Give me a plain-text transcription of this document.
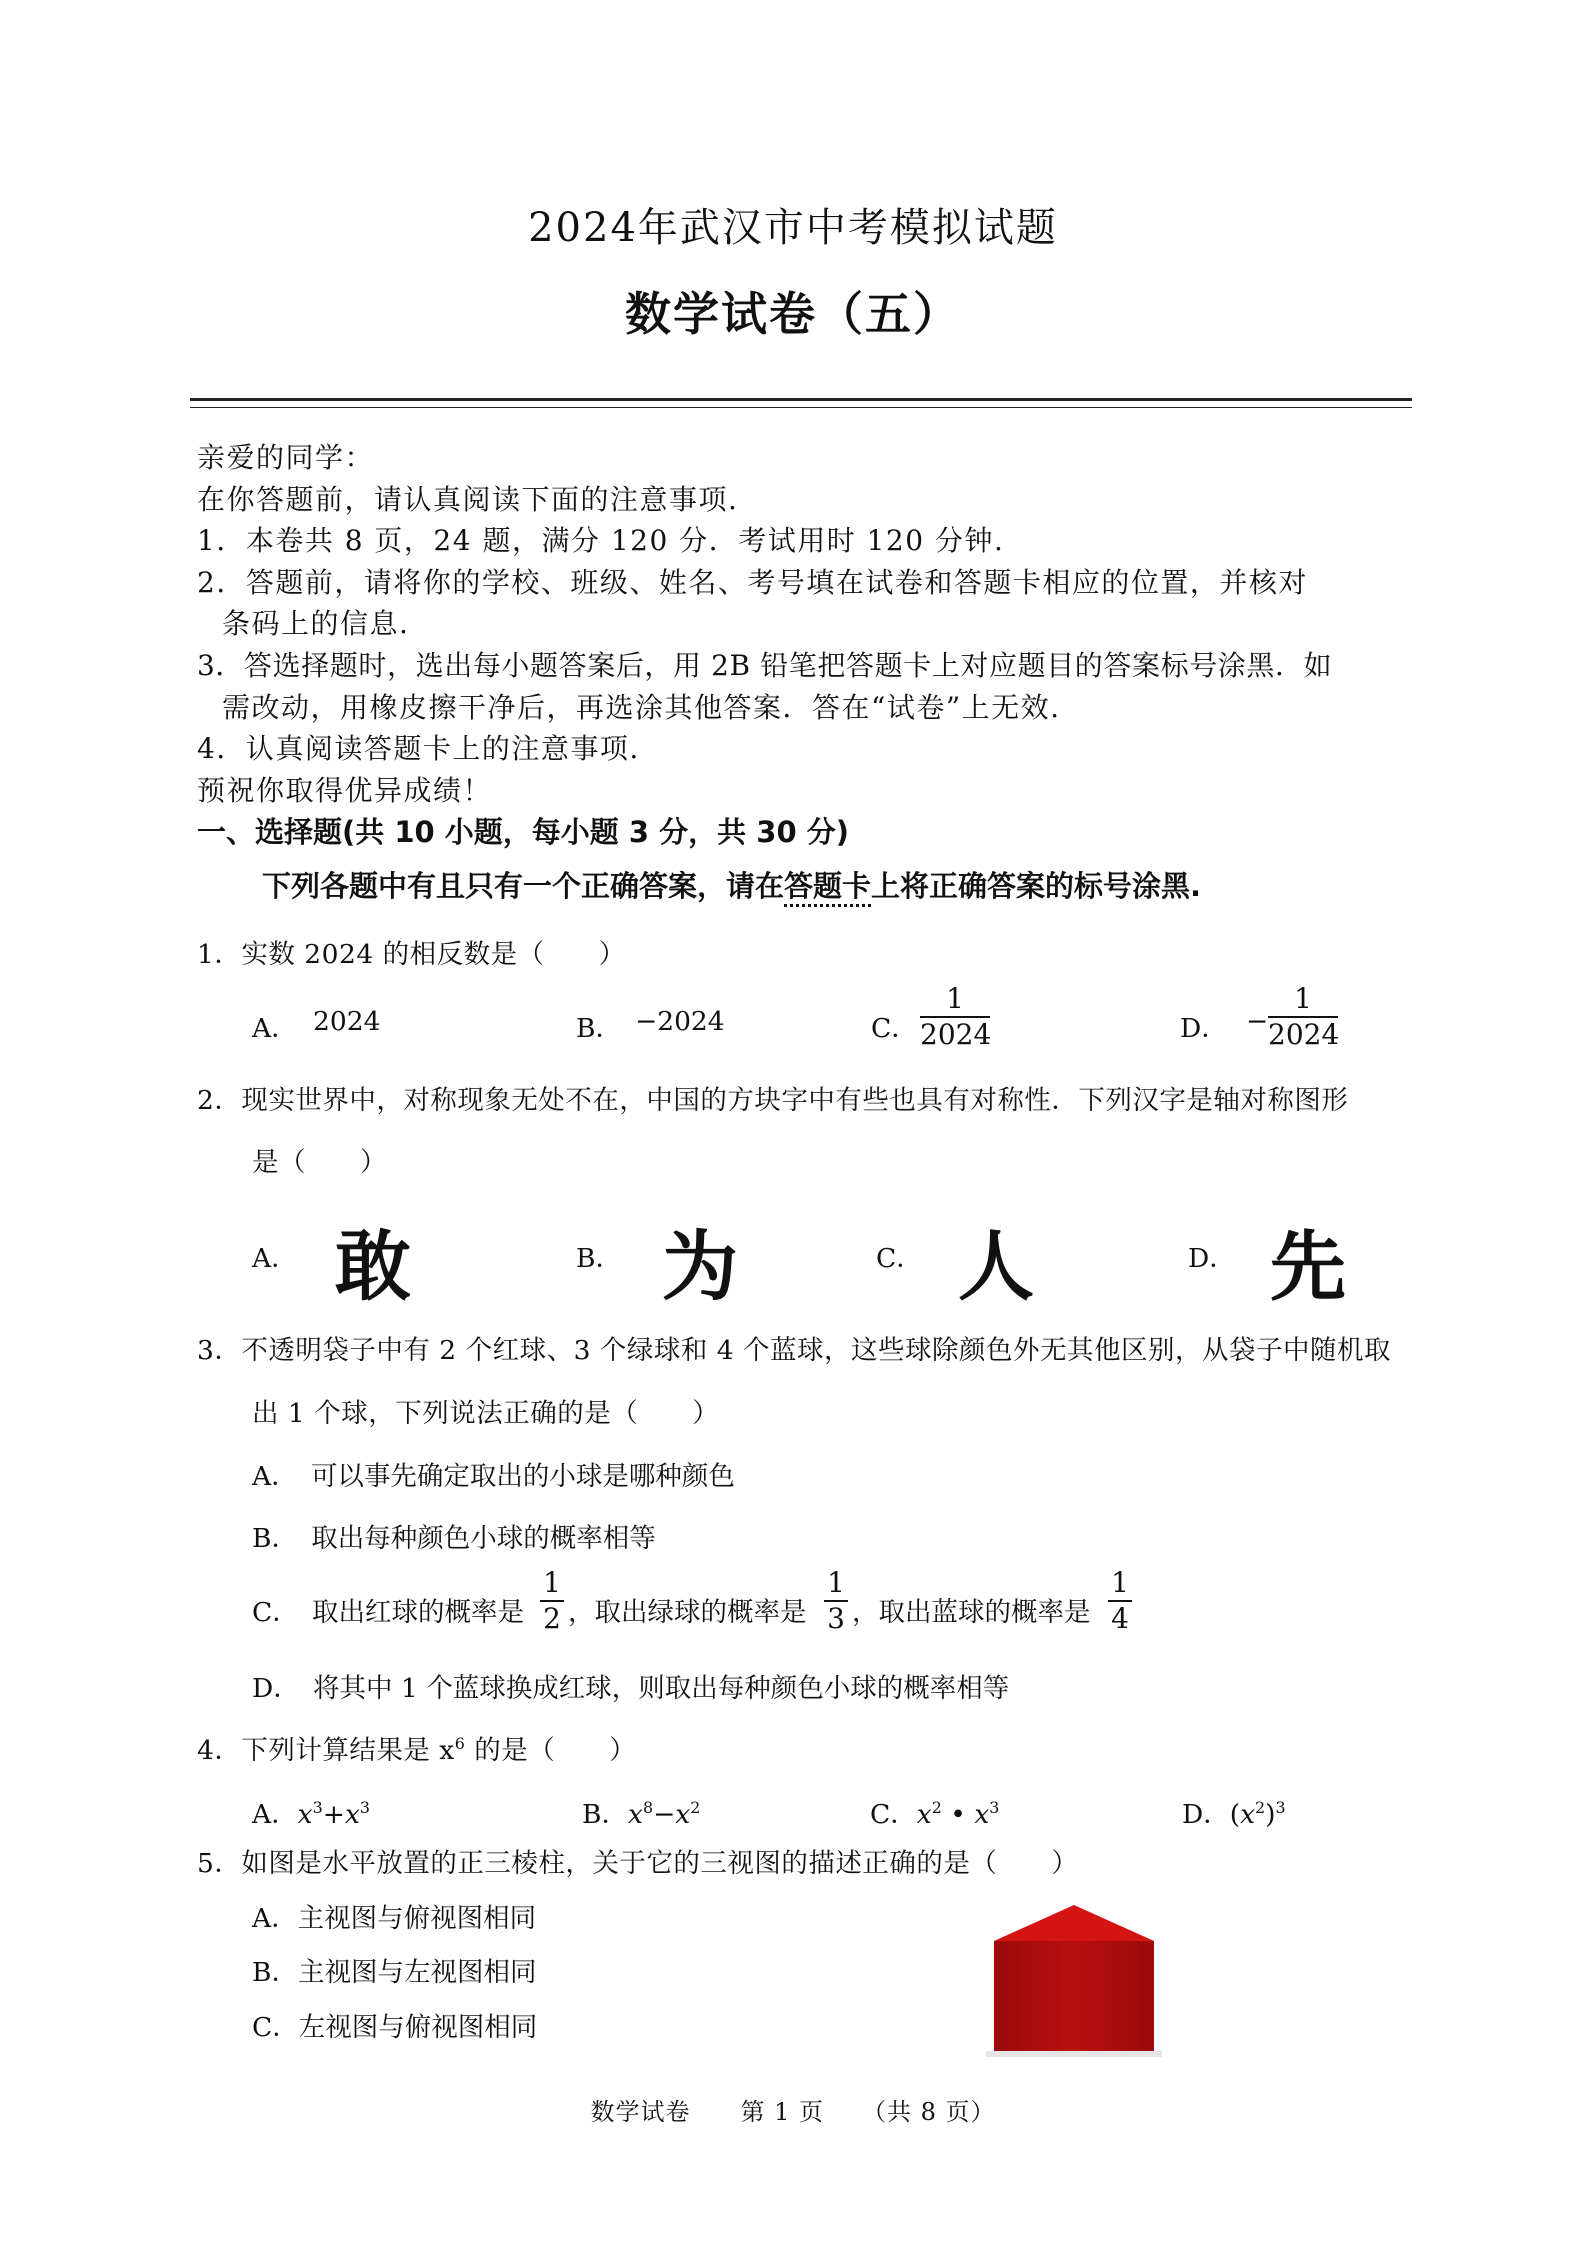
2024年武汉市中考模拟试题
数学试卷（五）
亲爱的同学：
在你答题前，请认真阅读下面的注意事项.
1．本卷共 8 页，24 题，满分 120 分．考试用时 120 分钟.
2．答题前，请将你的学校、班级、姓名、考号填在试卷和答题卡相应的位置，并核对
条码上的信息.
3．答选择题时，选出每小题答案后，用 2B 铅笔把答题卡上对应题目的答案标号涂黑．如
需改动，用橡皮擦干净后，再选涂其他答案．答在“试卷”上无效.
4．认真阅读答题卡上的注意事项.
预祝你取得优异成绩！
一、选择题(共 10 小题，每小题 3 分，共 30 分)
下列各题中有且只有一个正确答案，请在答题卡上将正确答案的标号涂黑.
1．实数 2024 的相反数是（　　）
A． 2024	B． −2024	C．
1
2024	D． −
1
2024
2．现实世界中，对称现象无处不在，中国的方块字中有些也具有对称性．下列汉字是轴对称图形
是（　　）
A． 敢	B． 为	C． 人	D． 先
3．不透明袋子中有 2 个红球、3 个绿球和 4 个蓝球，这些球除颜色外无其他区别，从袋子中随机取
出 1 个球，下列说法正确的是（　　）
A．　可以事先确定取出的小球是哪种颜色
B．　取出每种颜色小球的概率相等
C．　取出红球的概率是
1
2 ，取出绿球的概率是
1
3 ，取出蓝球的概率是
1
4
D．　将其中 1 个蓝球换成红球，则取出每种颜色小球的概率相等
4．下列计算结果是 $x^6$ 的是（　　）
A．$x^3+x^3$	B．$x^8-x^2$	C．$x^2$ • $x^3$	D．$(x^2)^3$
5．如图是水平放置的正三棱柱，关于它的三视图的描述正确的是（　　）
A．主视图与俯视图相同
B．主视图与左视图相同
C．左视图与俯视图相同
数学试卷　　第 1 页　　（共 8 页）
